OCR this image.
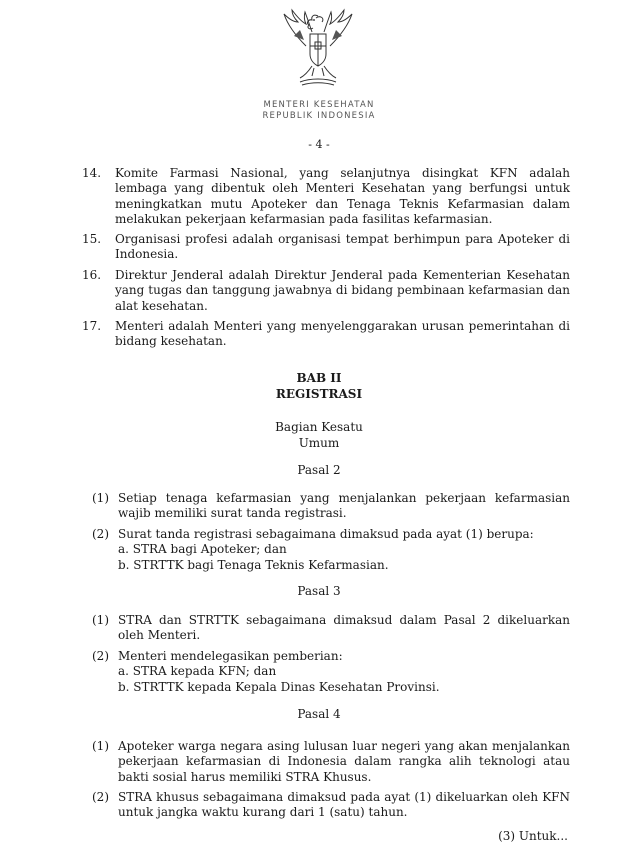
MENTERI KESEHATAN
REPUBLIK INDONESIA
- 4 -
14. Komite Farmasi Nasional, yang selanjutnya disingkat KFN adalah lembaga yang dibentuk oleh Menteri Kesehatan yang berfungsi untuk meningkatkan mutu Apoteker dan Tenaga Teknis Kefarmasian dalam melakukan pekerjaan kefarmasian pada fasilitas kefarmasian.
15. Organisasi profesi adalah organisasi tempat berhimpun para Apoteker di Indonesia.
16. Direktur Jenderal adalah Direktur Jenderal pada Kementerian Kesehatan yang tugas dan tanggung jawabnya di bidang pembinaan kefarmasian dan alat kesehatan.
17. Menteri adalah Menteri yang menyelenggarakan urusan pemerintahan di bidang kesehatan.
BAB II
REGISTRASI
Bagian Kesatu
Umum
Pasal 2
(1) Setiap tenaga kefarmasian yang menjalankan pekerjaan kefarmasian wajib memiliki surat tanda registrasi.
(2) Surat tanda registrasi sebagaimana dimaksud pada ayat (1) berupa:
a. STRA bagi Apoteker; dan
b. STRTTK bagi Tenaga Teknis Kefarmasian.
Pasal 3
(1) STRA dan STRTTK sebagaimana dimaksud dalam Pasal 2 dikeluarkan oleh Menteri.
(2) Menteri mendelegasikan pemberian:
a. STRA kepada KFN; dan
b. STRTTK kepada Kepala Dinas Kesehatan Provinsi.
Pasal 4
(1) Apoteker warga negara asing lulusan luar negeri yang akan menjalankan pekerjaan kefarmasian di Indonesia dalam rangka alih teknologi atau bakti sosial harus memiliki STRA Khusus.
(2) STRA khusus sebagaimana dimaksud pada ayat (1) dikeluarkan oleh KFN untuk jangka waktu kurang dari 1 (satu) tahun.
(3) Untuk...
